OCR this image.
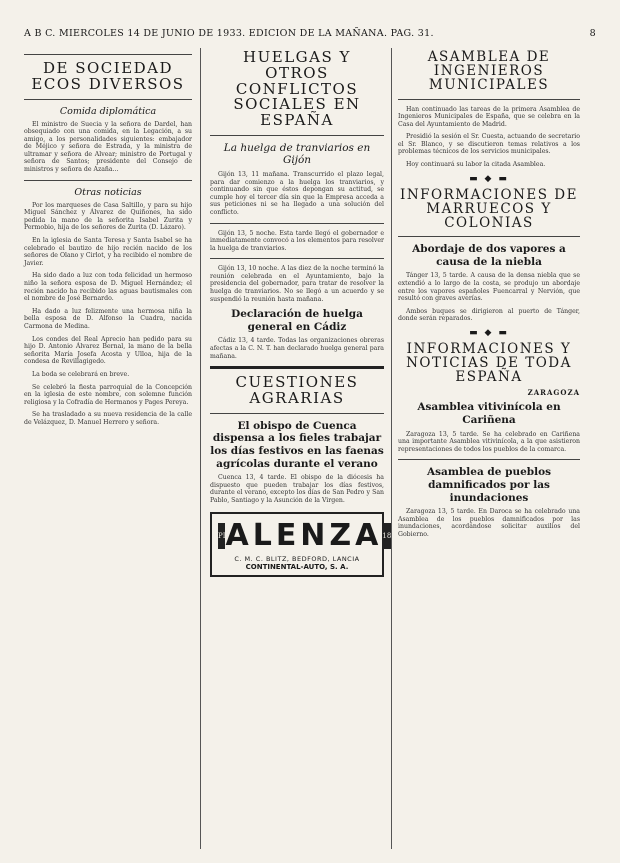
A B C. MIERCOLES 14 DE JUNIO DE 1933. EDICION DE LA MAÑANA. PAG. 31.	8
DE SOCIEDAD ECOS DIVERSOS
Comida diplomática

El ministro de Suecia y la señora de Dardel, han obsequiado con una comida, en la Legación, a su amigo, a los personalidades siguientes: embajador de Méjico y señora de Estrada, y la ministra de ultramar y señora de Alvear; ministro de Portugal y señora de Santos; presidente del Consejo de ministros y señora de Azaña...

Otras noticias

Por los marqueses de Casa Saltillo, y para su hijo Miguel Sánchez y Álvarez de Quiñones, ha sido pedida la mano de la señorita Isabel Zurita y Permobio, hija de los señores de Zurita (D. Lázaro).

En la iglesia de Santa Teresa y Santa Isabel se ha celebrado el bautizo de hijo recién nacido de los señores de Olano y Cirlot, y ha recibido el nombre de Javier.

Ha sido dado a luz con toda felicidad un hermoso niño la señora esposa de D. Miguel Hernández; el recién nacido ha recibido las aguas bautismales con el nombre de José Bernardo.

Ha dado a luz felizmente una hermosa niña la bella esposa de D. Alfonso la Cuadra, nacida Carmona de Medina.

Los condes del Real Aprecio han pedido para su hijo D. Antonio Álvarez Bernal, la mano de la bella señorita María Josefa Acosta y Ulloa, hija de la condesa de Revillagigedo.

La boda se celebrará en breve.

Se celebró la fiesta parroquial de la Concepción en la iglesia de este nombre, con solemne función religiosa y la Cofradía de Hermanos y Pages Pereya.

Se ha trasladado a su nueva residencia de la calle de Velázquez, D. Manuel Herrero y señora.

HUELGAS Y OTROS CONFLICTOS SOCIALES EN ESPAÑA
La huelga de tranviarios en Gijón

Gijón 13, 11 mañana. Transcurrido el plazo legal, para dar comienzo a la huelga los tranviarios, y continuando sin que éstos depongan su actitud, se cumple hoy el tercer día sin que la Empresa acceda a sus peticiones ni se ha llegado a una solución del conflicto.

Gijón 13, 5 noche. Esta tarde llegó el gobernador e inmediatamente convocó a los elementos para resolver la huelga de tranviarios.

Gijón 13, 10 noche. A las diez de la noche terminó la reunión celebrada en el Ayuntamiento, bajo la presidencia del gobernador, para tratar de resolver la huelga de tranviarios. No se llegó a un acuerdo y se suspendió la reunión hasta mañana.

Declaración de huelga general en Cádiz

Cádiz 13, 4 tarde. Todas las organizaciones obreras afectas a la C. N. T. han declarado huelga general para mañana.

CUESTIONES AGRARIAS
El obispo de Cuenca dispensa a los fieles trabajar los días festivos en las faenas agrícolas durante el verano

Cuenca 13, 4 tarde. El obispo de la diócesis ha dispuesto que pueden trabajar los días festivos, durante el verano, excepto los días de San Pedro y San Pablo, Santiago y la Asunción de la Virgen.

PI ALENZA 18
C. M. C. BLITZ, BEDFORD, LANCIA
CONTINENTAL-AUTO, S. A.
ASAMBLEA DE INGENIEROS MUNICIPALES

Han continuado las tareas de la primera Asamblea de Ingenieros Municipales de España, que se celebra en la Casa del Ayuntamiento de Madrid.

Presidió la sesión el Sr. Cuesta, actuando de secretario el Sr. Blanco, y se discutieron temas relativos a los problemas técnicos de los servicios municipales.

Hoy continuará su labor la citada Asamblea.

▬ ◆ ▬
INFORMACIONES DE MARRUECOS Y COLONIAS
Abordaje de dos vapores a causa de la niebla

Tánger 13, 5 tarde. A causa de la densa niebla que se extendió a lo largo de la costa, se produjo un abordaje entre los vapores españoles Fuencarral y Nervión, que resultó con graves averías.

Ambos buques se dirigieron al puerto de Tánger, donde serán reparados.

▬ ◆ ▬
INFORMACIONES Y NOTICIAS DE TODA ESPAÑA

ZARAGOZA

Asamblea vitivinícola en Cariñena

Zaragoza 13, 5 tarde. Se ha celebrado en Cariñena una importante Asamblea vitivinícola, a la que asistieron representaciones de todos los pueblos de la comarca.

Asamblea de pueblos damnificados por las inundaciones

Zaragoza 13, 5 tarde. En Daroca se ha celebrado una Asamblea de los pueblos damnificados por las inundaciones, acordándose solicitar auxilios del Gobierno.
